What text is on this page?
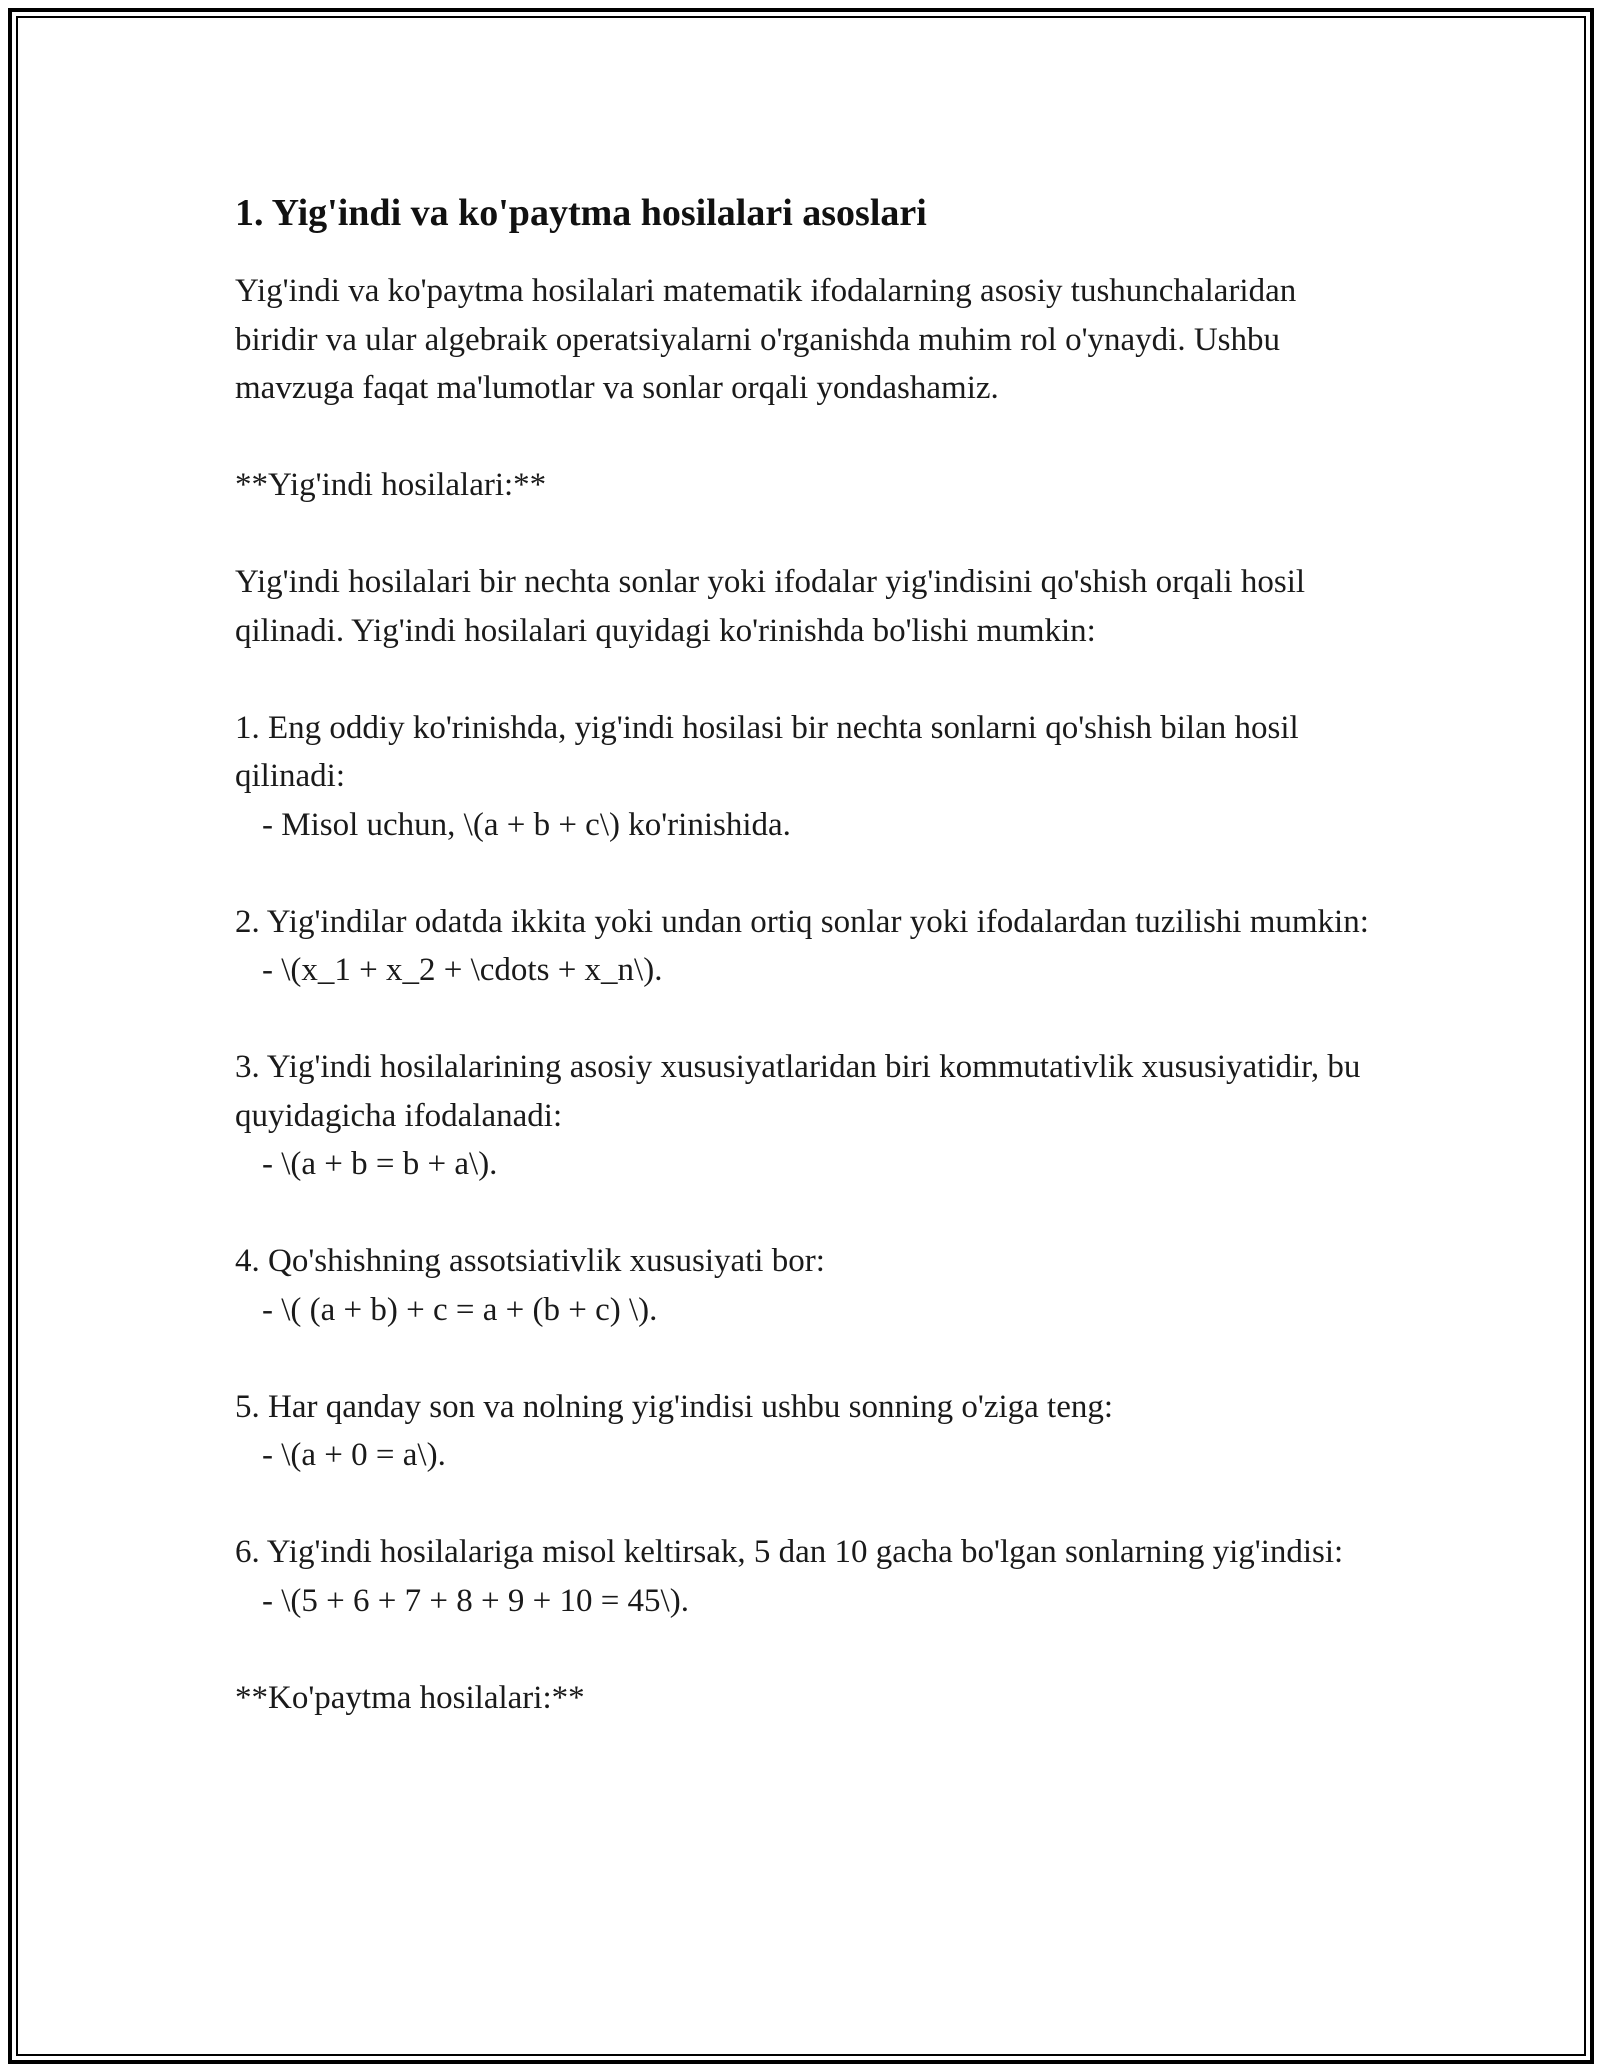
1. Yig'indi va ko'paytma hosilalari asoslari

Yig'indi va ko'paytma hosilalari matematik ifodalarning asosiy tushunchalaridan biridir va ular algebraik operatsiyalarni o'rganishda muhim rol o'ynaydi. Ushbu mavzuga faqat ma'lumotlar va sonlar orqali yondashamiz.

**Yig'indi hosilalari:**

Yig'indi hosilalari bir nechta sonlar yoki ifodalar yig'indisini qo'shish orqali hosil qilinadi. Yig'indi hosilalari quyidagi ko'rinishda bo'lishi mumkin:

1. Eng oddiy ko'rinishda, yig'indi hosilasi bir nechta sonlarni qo'shish bilan hosil qilinadi:

- Misol uchun, \(a + b + c\) ko'rinishida.

2. Yig'indilar odatda ikkita yoki undan ortiq sonlar yoki ifodalardan tuzilishi mumkin:

- \(x_1 + x_2 + \cdots + x_n\).

3. Yig'indi hosilalarining asosiy xususiyatlaridan biri kommutativlik xususiyatidir, bu quyidagicha ifodalanadi:

- \(a + b = b + a\).

4. Qo'shishning assotsiativlik xususiyati bor:

- \( (a + b) + c = a + (b + c) \).

5. Har qanday son va nolning yig'indisi ushbu sonning o'ziga teng:

- \(a + 0 = a\).

6. Yig'indi hosilalariga misol keltirsak, 5 dan 10 gacha bo'lgan sonlarning yig'indisi:

- \(5 + 6 + 7 + 8 + 9 + 10 = 45\).

**Ko'paytma hosilalari:**
